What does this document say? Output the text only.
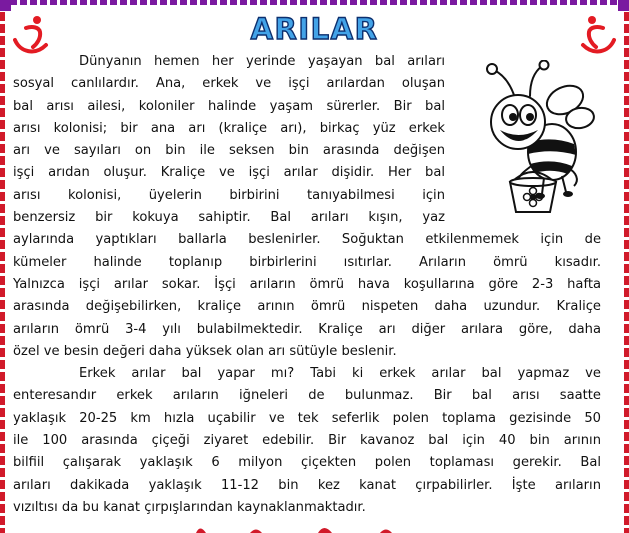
ARILAR
Dünyanın hemen her yerinde yaşayan bal arıları
sosyal canlılardır. Ana, erkek ve işçi arılardan oluşan
bal arısı ailesi, koloniler halinde yaşam sürerler. Bir bal
arısı kolonisi; bir ana arı (kraliçe arı), birkaç yüz erkek
arı ve sayıları on bin ile seksen bin arasında değişen
işçi arıdan oluşur. Kraliçe ve işçi arılar dişidir. Her bal
arısı kolonisi, üyelerin birbirini tanıyabilmesi için
benzersiz bir kokuya sahiptir. Bal arıları kışın, yaz
aylarında yaptıkları ballarla beslenirler. Soğuktan etkilenmemek için de
kümeler halinde toplanıp birbirlerini ısıtırlar. Arıların ömrü kısadır.
Yalnızca işçi arılar sokar. İşçi arıların ömrü hava koşullarına göre 2-3 hafta
arasında değişebilirken, kraliçe arının ömrü nispeten daha uzundur. Kraliçe
arıların ömrü 3-4 yılı bulabilmektedir. Kraliçe arı diğer arılara göre, daha
özel ve besin değeri daha yüksek olan arı sütüyle beslenir.
Erkek arılar bal yapar mı? Tabi ki erkek arılar bal yapmaz ve
enteresandır erkek arıların iğneleri de bulunmaz. Bir bal arısı saatte
yaklaşık 20-25 km hızla uçabilir ve tek seferlik polen toplama gezisinde 50
ile 100 arasında çiçeği ziyaret edebilir. Bir kavanoz bal için 40 bin arının
bilfiil çalışarak yaklaşık 6 milyon çiçekten polen toplaması gerekir. Bal
arıları dakikada yaklaşık 11-12 bin kez kanat çırpabilirler. İşte arıların
vızıltısı da bu kanat çırpışlarından kaynaklanmaktadır.
